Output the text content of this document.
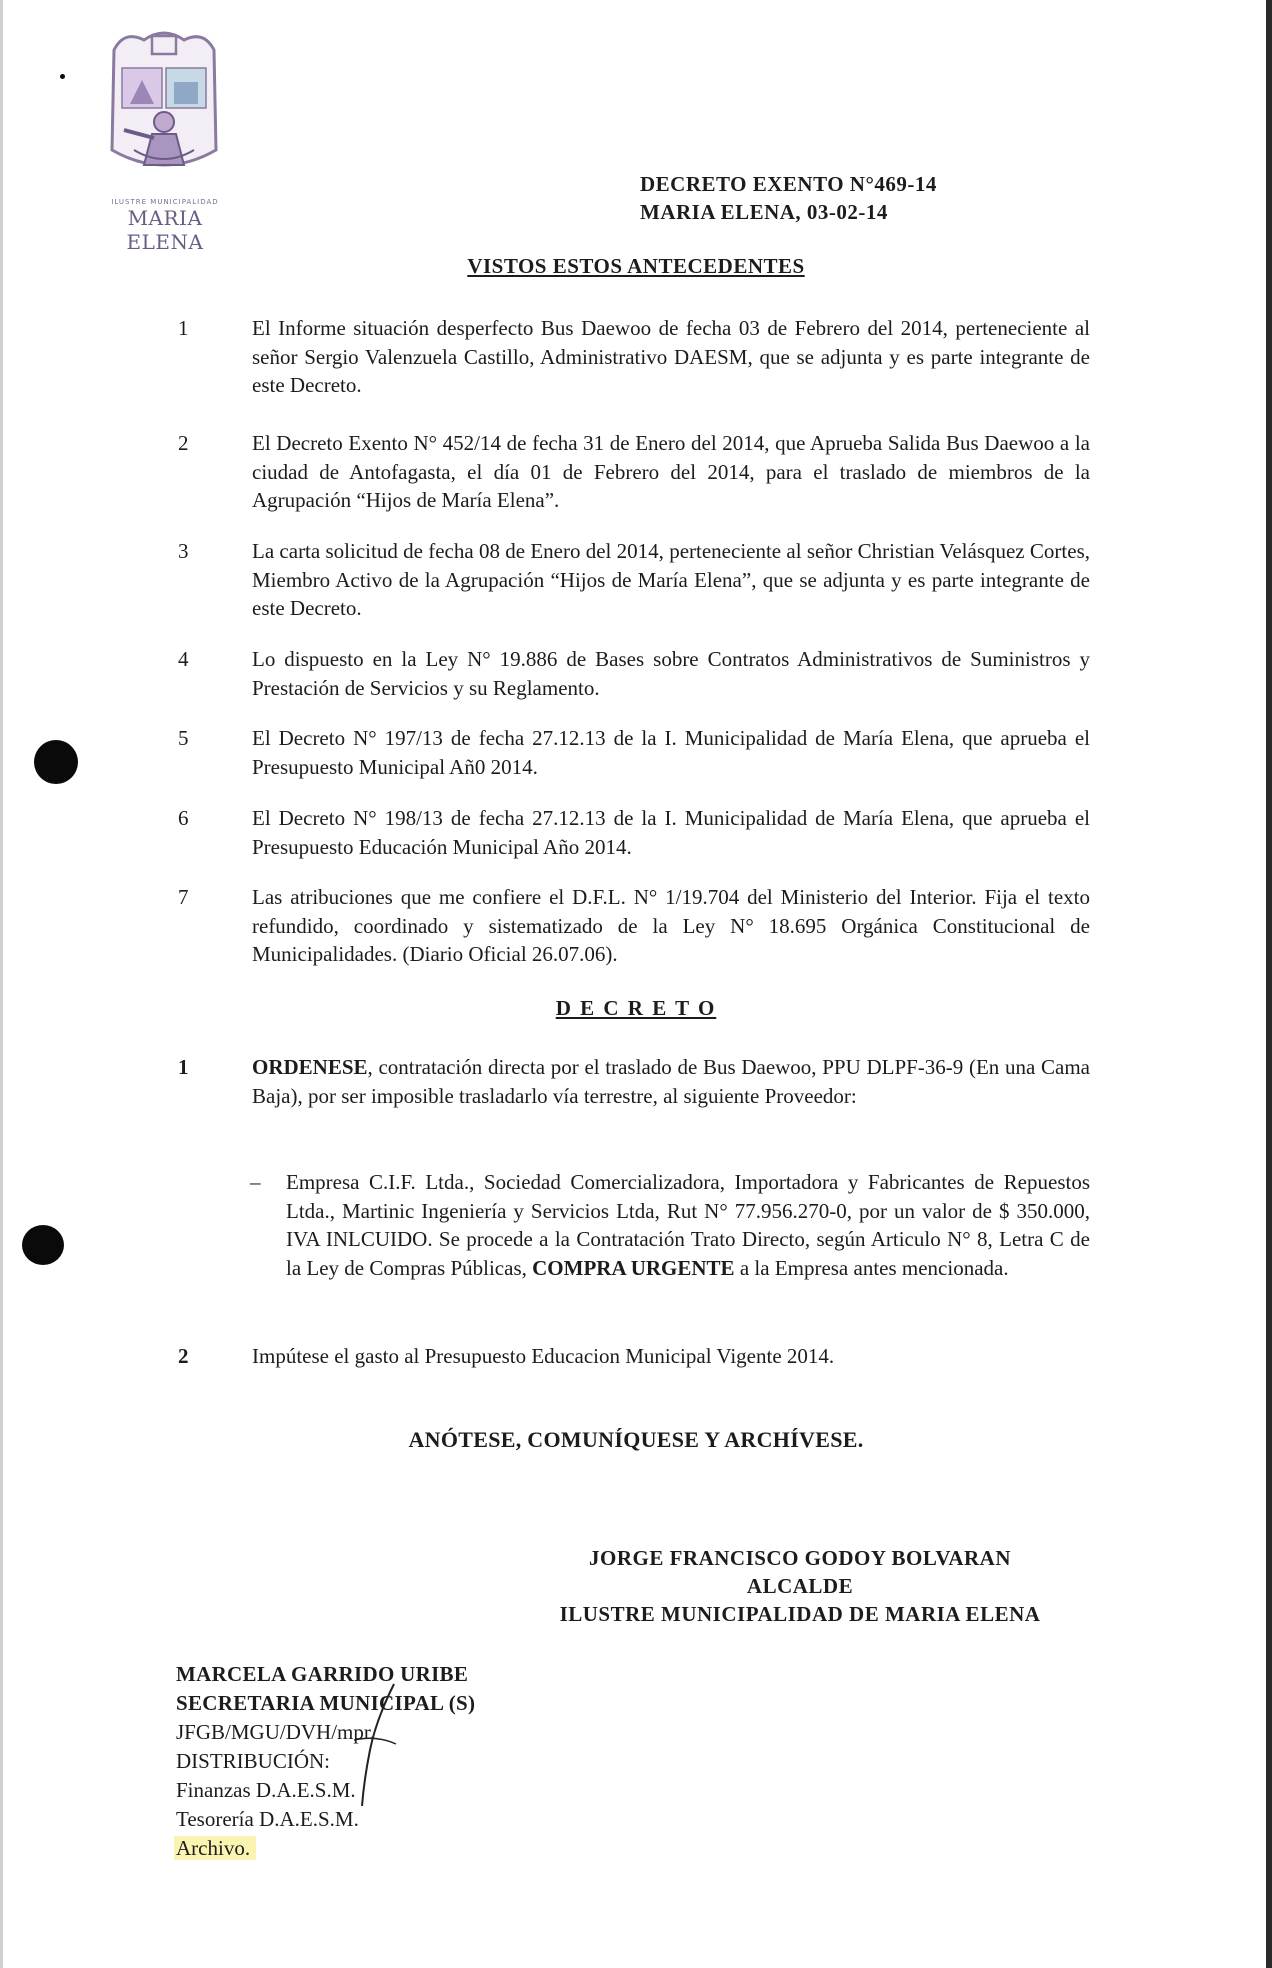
ILUSTRE MUNICIPALIDAD
MARIA ELENA
DECRETO EXENTO N°469-14
MARIA ELENA, 03-02-14
VISTOS ESTOS ANTECEDENTES
1	El Informe situación desperfecto Bus Daewoo de fecha 03 de Febrero del 2014, perteneciente al señor Sergio Valenzuela Castillo, Administrativo DAESM, que se adjunta y es parte integrante de este Decreto.
2	El Decreto Exento N° 452/14 de fecha 31 de Enero del 2014, que Aprueba Salida Bus Daewoo a la ciudad de Antofagasta, el día 01 de Febrero del 2014, para el traslado de miembros de la Agrupación “Hijos de María Elena”.
3	La carta solicitud de fecha 08 de Enero del 2014, perteneciente al señor Christian Velásquez Cortes, Miembro Activo de la Agrupación “Hijos de María Elena”, que se adjunta y es parte integrante de este Decreto.
4	Lo dispuesto en la Ley N° 19.886 de Bases sobre Contratos Administrativos de Suministros y Prestación de Servicios y su Reglamento.
5	El Decreto N° 197/13 de fecha 27.12.13 de la I. Municipalidad de María Elena, que aprueba el Presupuesto Municipal Añ0 2014.
6	El Decreto N° 198/13 de fecha 27.12.13 de la I. Municipalidad de María Elena, que aprueba el Presupuesto Educación Municipal Año 2014.
7	Las atribuciones que me confiere el D.F.L. N° 1/19.704 del Ministerio del Interior. Fija el texto refundido, coordinado y sistematizado de la Ley N° 18.695 Orgánica Constitucional de Municipalidades. (Diario Oficial 26.07.06).
D E C R E T O
1	ORDENESE, contratación directa por el traslado de Bus Daewoo, PPU DLPF-36-9 (En una Cama Baja), por ser imposible trasladarlo vía terrestre, al siguiente Proveedor:
– Empresa C.I.F. Ltda., Sociedad Comercializadora, Importadora y Fabricantes de Repuestos Ltda., Martinic Ingeniería y Servicios Ltda, Rut N° 77.956.270-0, por un valor de $ 350.000, IVA INLCUIDO. Se procede a la Contratación Trato Directo, según Articulo N° 8, Letra C de la Ley de Compras Públicas, COMPRA URGENTE a la Empresa antes mencionada.
2	Impútese el gasto al Presupuesto Educacion Municipal Vigente 2014.
ANÓTESE, COMUNÍQUESE Y ARCHÍVESE.
JORGE FRANCISCO GODOY BOLVARAN
ALCALDE
ILUSTRE MUNICIPALIDAD DE MARIA ELENA
MARCELA GARRIDO URIBE
SECRETARIA MUNICIPAL (S)
JFGB/MGU/DVH/mpr.
DISTRIBUCIÓN:
Finanzas D.A.E.S.M.
Tesorería D.A.E.S.M.
Archivo.
